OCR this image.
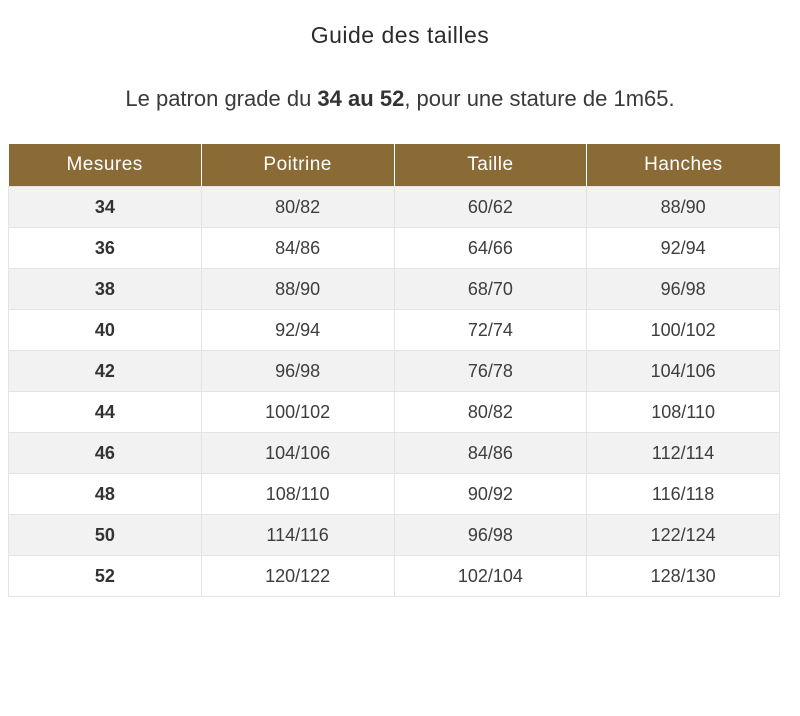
Guide des tailles
Le patron grade du 34 au 52, pour une stature de 1m65.
Mesures	Poitrine	Taille	Hanches
34	80/82	60/62	88/90
36	84/86	64/66	92/94
38	88/90	68/70	96/98
40	92/94	72/74	100/102
42	96/98	76/78	104/106
44	100/102	80/82	108/110
46	104/106	84/86	112/114
48	108/110	90/92	116/118
50	114/116	96/98	122/124
52	120/122	102/104	128/130
